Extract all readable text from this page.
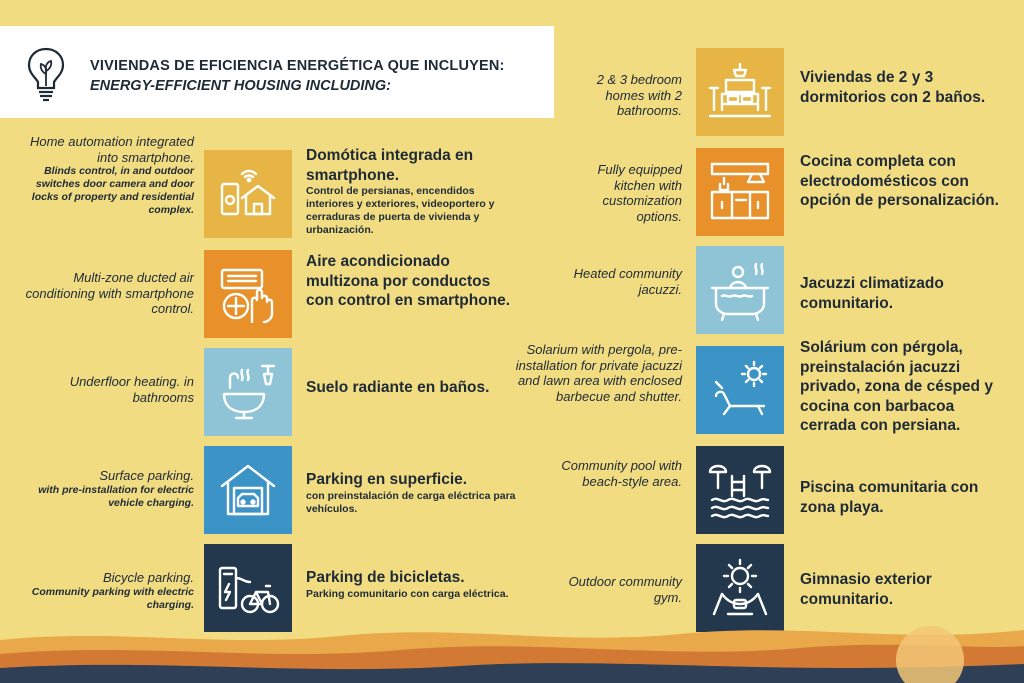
VIVIENDAS DE EFICIENCIA ENERGÉTICA QUE INCLUYEN:
ENERGY-EFFICIENT HOUSING INCLUDING:
Home automation integrated into smartphone.
Blinds control, in and outdoor switches door camera and door locks of property and residential complex.
Domótica integrada en smartphone.
Control de persianas, encendidos interiores y exteriores, videoportero y cerraduras de puerta de vivienda y urbanización.
Multi-zone ducted air conditioning with smartphone control.
Aire acondicionado multizona por conductos con control en smartphone.
Underfloor heating. in bathrooms
Suelo radiante en baños.
Surface parking.
with pre-installation for electric vehicle charging.
Parking en superficie.
con preinstalación de carga eléctrica para vehículos.
Bicycle parking.
Community parking with electric charging.
Parking de bicicletas.
Parking comunitario con carga eléctrica.
2 & 3 bedroom homes with 2 bathrooms.
Viviendas de 2 y 3 dormitorios con 2 baños.
Fully equipped kitchen with customization options.
Cocina completa con electrodomésticos con opción de personalización.
Heated community jacuzzi.	Jacuzzi climatizado comunitario.
Solarium with pergola, pre-installation for private jacuzzi and lawn area with enclosed barbecue and shutter.
Solárium con pérgola, preinstalación jacuzzi privado, zona de césped y cocina con barbacoa cerrada con persiana.
Community pool with beach-style area.	Piscina comunitaria con zona playa.
Outdoor community gym.
Gimnasio exterior comunitario.
